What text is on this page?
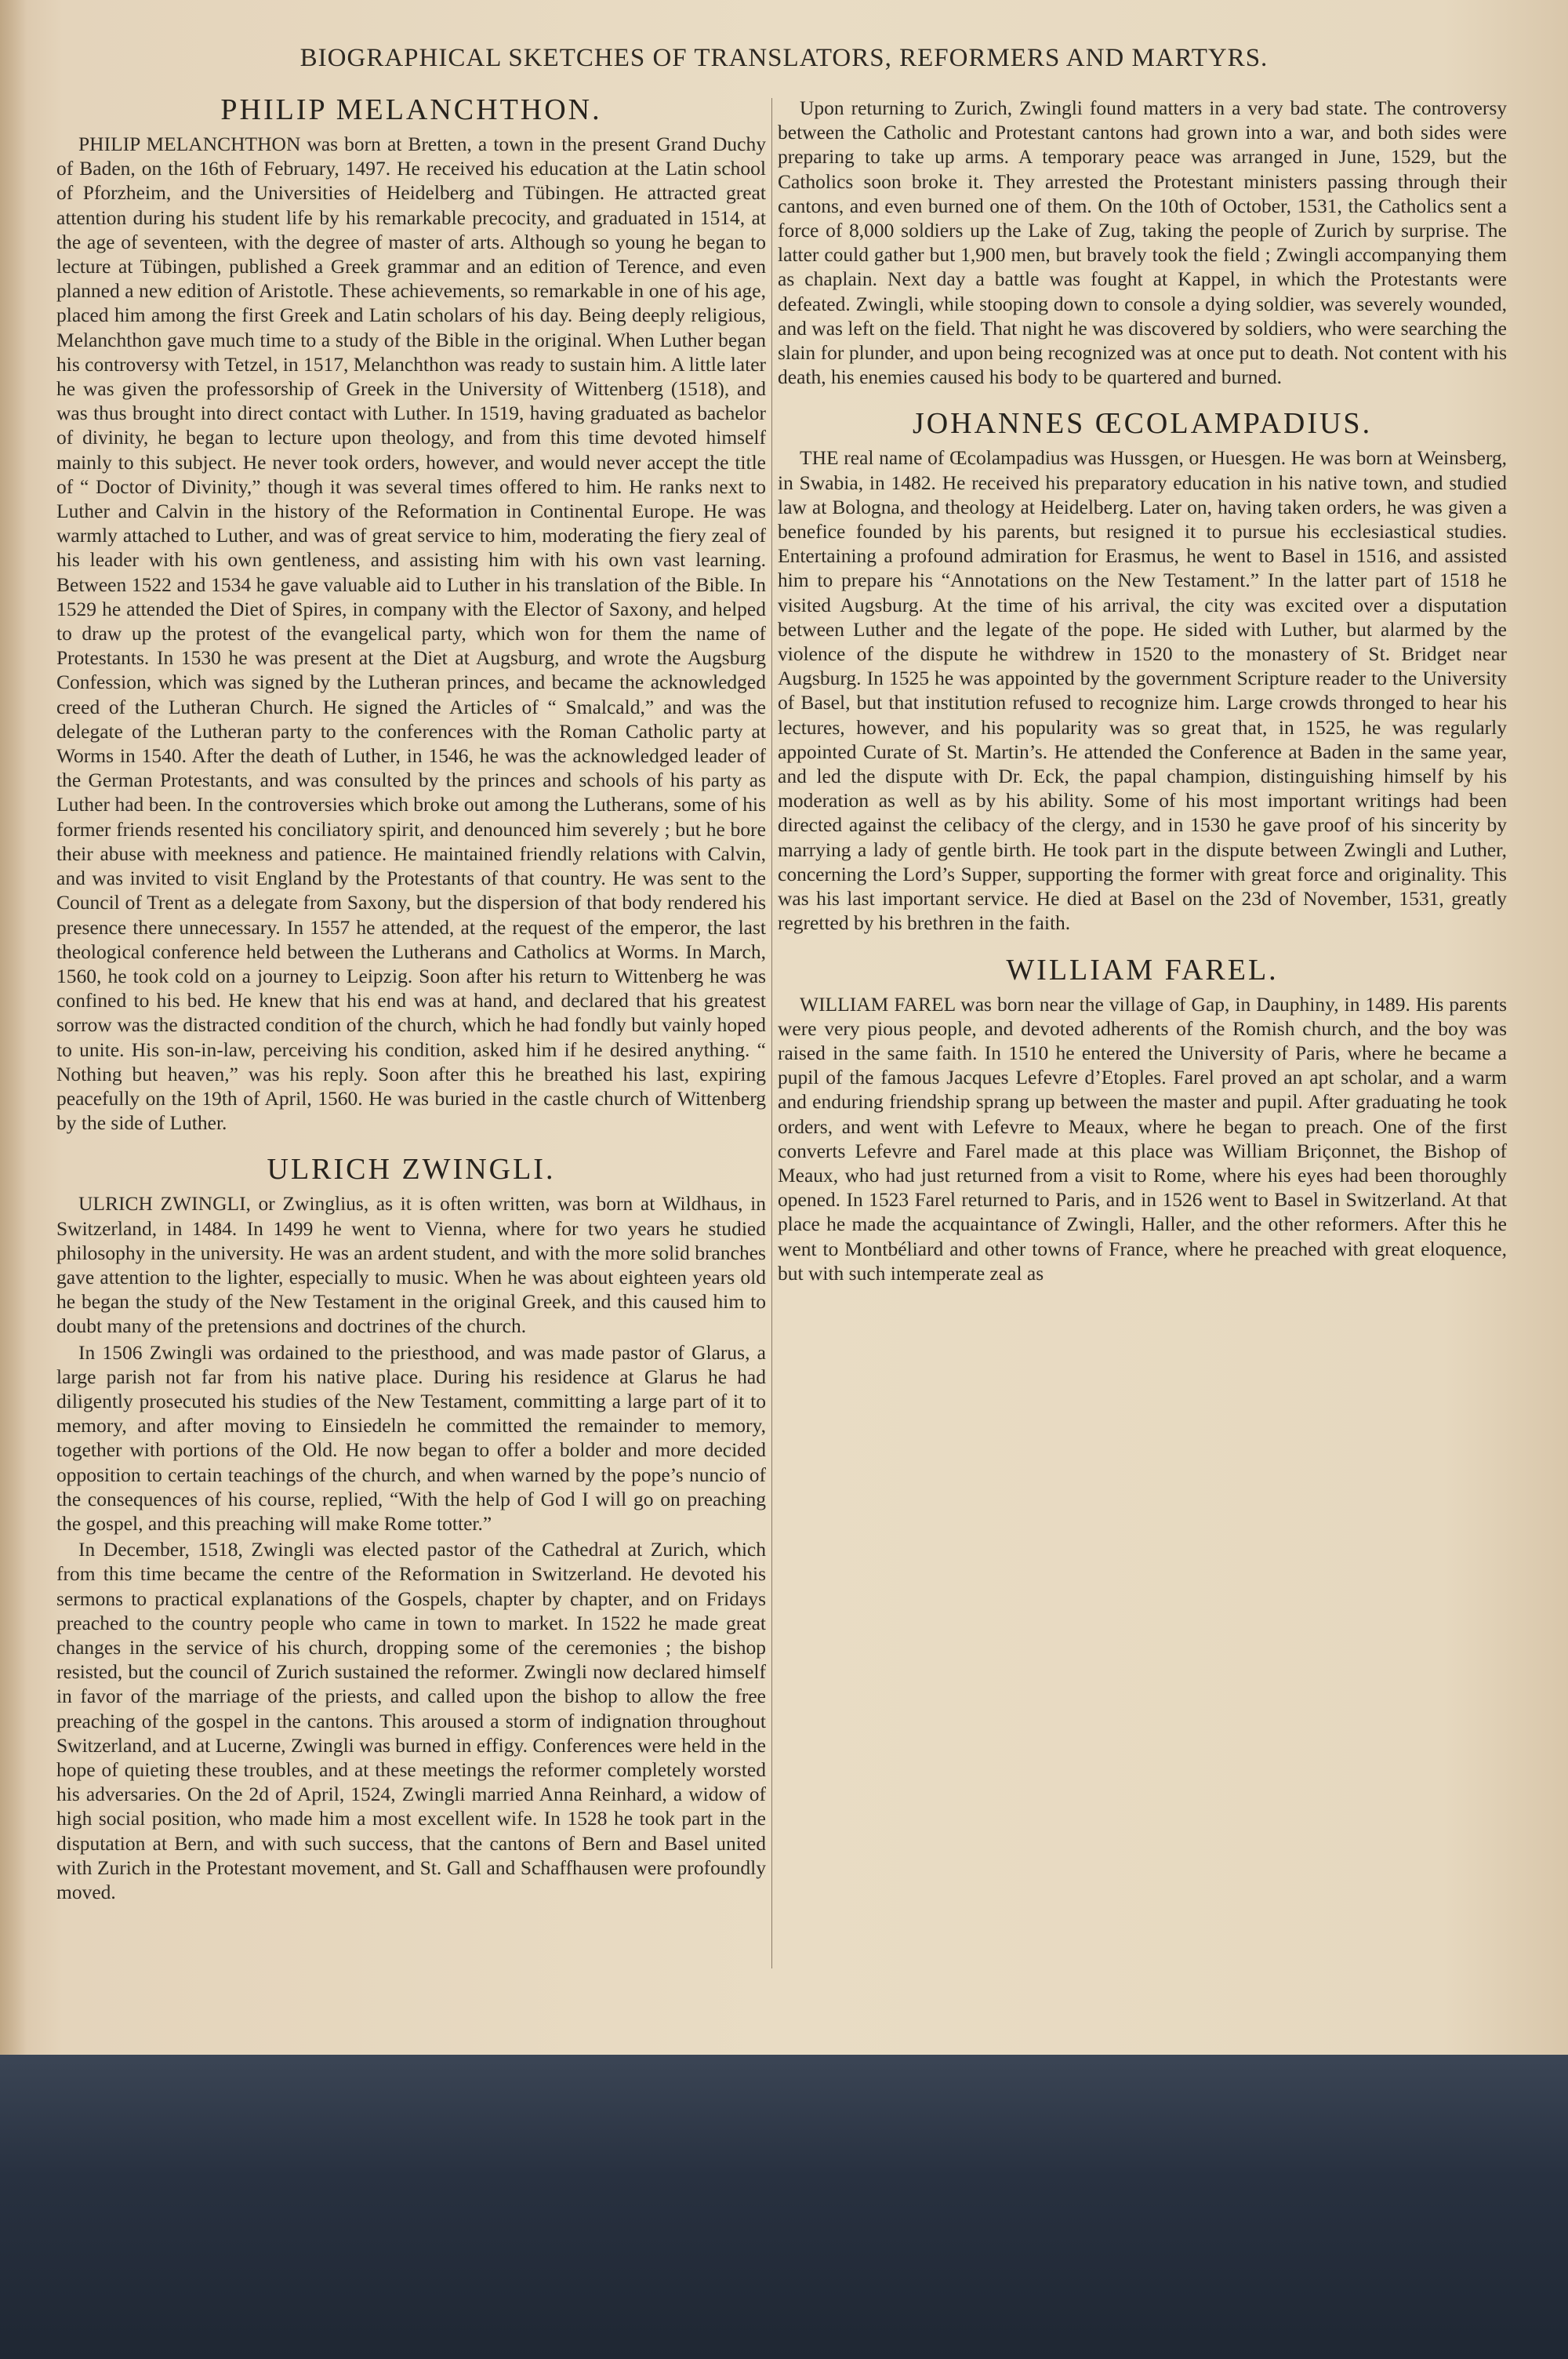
BIOGRAPHICAL SKETCHES OF TRANSLATORS, REFORMERS AND MARTYRS.
PHILIP MELANCHTHON.

PHILIP MELANCHTHON was born at Bretten, a town in the present Grand Duchy of Baden, on the 16th of February, 1497. He received his education at the Latin school of Pforzheim, and the Universities of Heidelberg and Tübingen. He attracted great attention during his student life by his remarkable precocity, and graduated in 1514, at the age of seventeen, with the degree of master of arts. Although so young he began to lecture at Tübingen, published a Greek grammar and an edition of Terence, and even planned a new edition of Aristotle. These achievements, so remarkable in one of his age, placed him among the first Greek and Latin scholars of his day. Being deeply religious, Melanchthon gave much time to a study of the Bible in the original. When Luther began his controversy with Tetzel, in 1517, Melanchthon was ready to sustain him. A little later he was given the professorship of Greek in the University of Wittenberg (1518), and was thus brought into direct contact with Luther. In 1519, having graduated as bachelor of divinity, he began to lecture upon theology, and from this time devoted himself mainly to this subject. He never took orders, however, and would never accept the title of “ Doctor of Divinity,” though it was several times offered to him. He ranks next to Luther and Calvin in the history of the Reformation in Continental Europe. He was warmly attached to Luther, and was of great service to him, moderating the fiery zeal of his leader with his own gentleness, and assisting him with his own vast learning. Between 1522 and 1534 he gave valuable aid to Luther in his translation of the Bible. In 1529 he attended the Diet of Spires, in company with the Elector of Saxony, and helped to draw up the protest of the evangelical party, which won for them the name of Protestants. In 1530 he was present at the Diet at Augsburg, and wrote the Augsburg Confession, which was signed by the Lutheran princes, and became the acknowledged creed of the Lutheran Church. He signed the Articles of “ Smalcald,” and was the delegate of the Lutheran party to the conferences with the Roman Catholic party at Worms in 1540. After the death of Luther, in 1546, he was the acknowledged leader of the German Protestants, and was consulted by the princes and schools of his party as Luther had been. In the controversies which broke out among the Lutherans, some of his former friends resented his conciliatory spirit, and denounced him severely ; but he bore their abuse with meekness and patience. He maintained friendly relations with Calvin, and was invited to visit England by the Protestants of that country. He was sent to the Council of Trent as a delegate from Saxony, but the dispersion of that body rendered his presence there unnecessary. In 1557 he attended, at the request of the emperor, the last theological conference held between the Lutherans and Catholics at Worms. In March, 1560, he took cold on a journey to Leipzig. Soon after his return to Wittenberg he was confined to his bed. He knew that his end was at hand, and declared that his greatest sorrow was the distracted condition of the church, which he had fondly but vainly hoped to unite. His son-in-law, perceiving his condition, asked him if he desired anything. “ Nothing but heaven,” was his reply. Soon after this he breathed his last, expiring peacefully on the 19th of April, 1560. He was buried in the castle church of Wittenberg by the side of Luther.

ULRICH ZWINGLI.

ULRICH ZWINGLI, or Zwinglius, as it is often written, was born at Wildhaus, in Switzerland, in 1484. In 1499 he went to Vienna, where for two years he studied philosophy in the university. He was an ardent student, and with the more solid branches gave attention to the lighter, especially to music. When he was about eighteen years old he began the study of the New Testament in the original Greek, and this caused him to doubt many of the pretensions and doctrines of the church.

In 1506 Zwingli was ordained to the priesthood, and was made pastor of Glarus, a large parish not far from his native place. During his residence at Glarus he had diligently prosecuted his studies of the New Testament, committing a large part of it to memory, and after moving to Einsiedeln he committed the remainder to memory, together with portions of the Old. He now began to offer a bolder and more decided opposition to certain teachings of the church, and when warned by the pope’s nuncio of the consequences of his course, replied, “With the help of God I will go on preaching the gospel, and this preaching will make Rome totter.”

In December, 1518, Zwingli was elected pastor of the Cathedral at Zurich, which from this time became the centre of the Reformation in Switzerland. He devoted his sermons to practical explanations of the Gospels, chapter by chapter, and on Fridays preached to the country people who came in town to market. In 1522 he made great changes in the service of his church, dropping some of the ceremonies ; the bishop resisted, but the council of Zurich sustained the reformer. Zwingli now declared himself in favor of the marriage of the priests, and called upon the bishop to allow the free preaching of the gospel in the cantons. This aroused a storm of indignation throughout Switzerland, and at Lucerne, Zwingli was burned in effigy. Conferences were held in the hope of quieting these troubles, and at these meetings the reformer completely worsted his adversaries. On the 2d of April, 1524, Zwingli married Anna Reinhard, a widow of high social position, who made him a most excellent wife. In 1528 he took part in the disputation at Bern, and with such success, that the cantons of Bern and Basel united with Zurich in the Protestant movement, and St. Gall and Schaffhausen were profoundly moved.

Upon returning to Zurich, Zwingli found matters in a very bad state. The controversy between the Catholic and Protestant cantons had grown into a war, and both sides were preparing to take up arms. A temporary peace was arranged in June, 1529, but the Catholics soon broke it. They arrested the Protestant ministers passing through their cantons, and even burned one of them. On the 10th of October, 1531, the Catholics sent a force of 8,000 soldiers up the Lake of Zug, taking the people of Zurich by surprise. The latter could gather but 1,900 men, but bravely took the field ; Zwingli accompanying them as chaplain. Next day a battle was fought at Kappel, in which the Protestants were defeated. Zwingli, while stooping down to console a dying soldier, was severely wounded, and was left on the field. That night he was discovered by soldiers, who were searching the slain for plunder, and upon being recognized was at once put to death. Not content with his death, his enemies caused his body to be quartered and burned.

JOHANNES ŒCOLAMPADIUS.

THE real name of Œcolampadius was Hussgen, or Huesgen. He was born at Weinsberg, in Swabia, in 1482. He received his preparatory education in his native town, and studied law at Bologna, and theology at Heidelberg. Later on, having taken orders, he was given a benefice founded by his parents, but resigned it to pursue his ecclesiastical studies. Entertaining a profound admiration for Erasmus, he went to Basel in 1516, and assisted him to prepare his “Annotations on the New Testament.” In the latter part of 1518 he visited Augsburg. At the time of his arrival, the city was excited over a disputation between Luther and the legate of the pope. He sided with Luther, but alarmed by the violence of the dispute he withdrew in 1520 to the monastery of St. Bridget near Augsburg. In 1525 he was appointed by the government Scripture reader to the University of Basel, but that institution refused to recognize him. Large crowds thronged to hear his lectures, however, and his popularity was so great that, in 1525, he was regularly appointed Curate of St. Martin’s. He attended the Conference at Baden in the same year, and led the dispute with Dr. Eck, the papal champion, distinguishing himself by his moderation as well as by his ability. Some of his most important writings had been directed against the celibacy of the clergy, and in 1530 he gave proof of his sincerity by marrying a lady of gentle birth. He took part in the dispute between Zwingli and Luther, concerning the Lord’s Supper, supporting the former with great force and originality. This was his last important service. He died at Basel on the 23d of November, 1531, greatly regretted by his brethren in the faith.

WILLIAM FAREL.

WILLIAM FAREL was born near the village of Gap, in Dauphiny, in 1489. His parents were very pious people, and devoted adherents of the Romish church, and the boy was raised in the same faith. In 1510 he entered the University of Paris, where he became a pupil of the famous Jacques Lefevre d’Etoples. Farel proved an apt scholar, and a warm and enduring friendship sprang up between the master and pupil. After graduating he took orders, and went with Lefevre to Meaux, where he began to preach. One of the first converts Lefevre and Farel made at this place was William Briçonnet, the Bishop of Meaux, who had just returned from a visit to Rome, where his eyes had been thoroughly opened. In 1523 Farel returned to Paris, and in 1526 went to Basel in Switzerland. At that place he made the acquaintance of Zwingli, Haller, and the other reformers. After this he went to Montbéliard and other towns of France, where he preached with great eloquence, but with such intemperate zeal as
